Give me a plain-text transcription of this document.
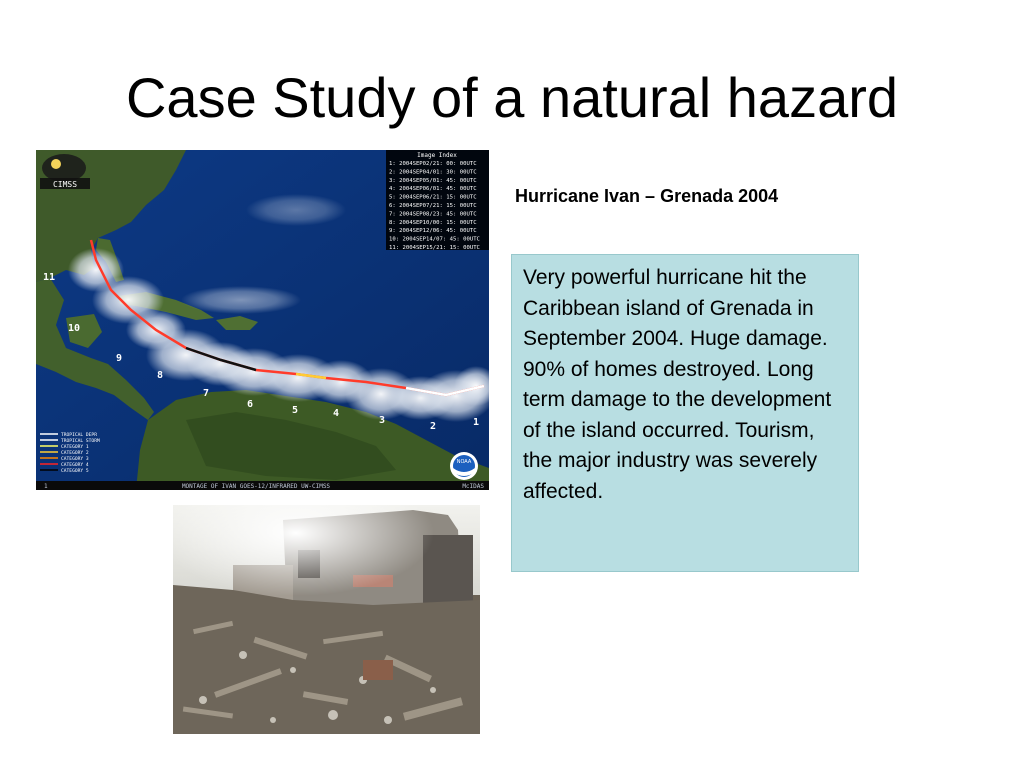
Case Study of a natural hazard
1
2
3
4
5
6
7
8
9
10
11
CIMSS
Image Index
1: 2004SEP02/21: 00: 00UTC
2: 2004SEP04/01: 30: 00UTC
3: 2004SEP05/01: 45: 00UTC
4: 2004SEP06/01: 45: 00UTC
5: 2004SEP06/21: 15: 00UTC
6: 2004SEP07/21: 15: 00UTC
7: 2004SEP08/23: 45: 00UTC
8: 2004SEP10/00: 15: 00UTC
9: 2004SEP12/06: 45: 00UTC
10: 2004SEP14/07: 45: 00UTC
11: 2004SEP15/21: 15: 00UTC
TROPICAL DEPR
TROPICAL STORM
CATEGORY 1
CATEGORY 2
CATEGORY 3
CATEGORY 4
CATEGORY 5
NOAA
1	MONTAGE OF IVAN GOES-12/INFRARED UW-CIMSS	McIDAS
Hurricane Ivan – Grenada 2004
Very powerful hurricane hit the Caribbean island of Grenada in September 2004. Huge damage. 90% of homes destroyed. Long term damage to the development of the island occurred. Tourism, the major industry was severely affected.
